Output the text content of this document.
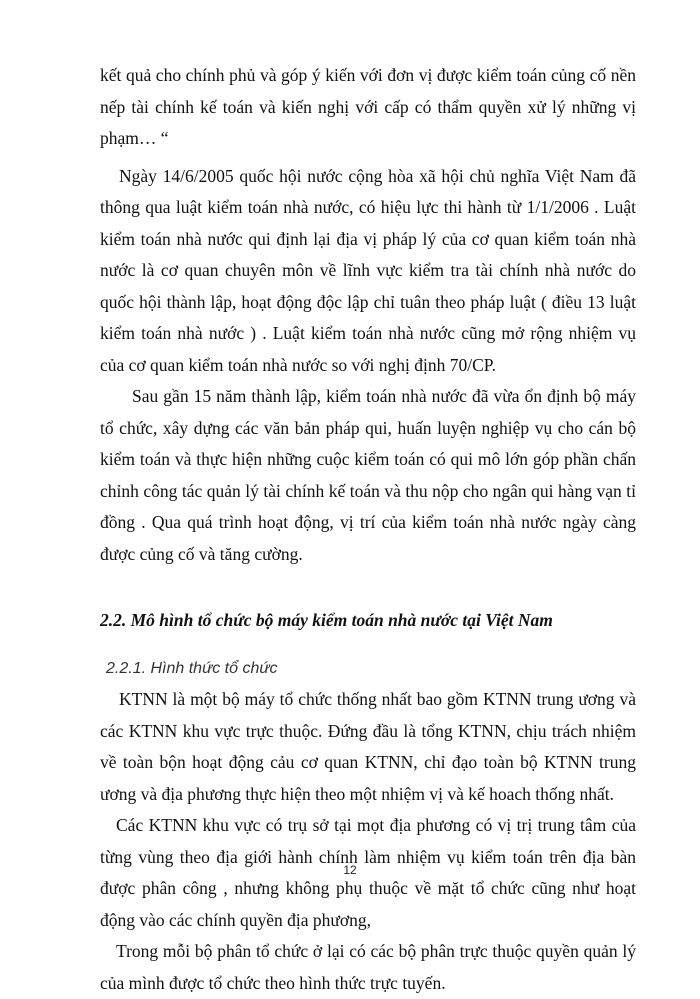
kết quả cho chính phủ và góp ý kiến với đơn vị được kiểm toán củng cố nền nếp tài chính kế toán và kiến nghị với cấp có thẩm quyền xử lý những vị phạm… “

Ngày 14/6/2005 quốc hội nước cộng hòa xã hội chủ nghĩa Việt Nam đã thông qua luật kiểm toán nhà nước, có hiệu lực thi hành từ 1/1/2006 . Luật kiểm toán nhà nước qui định lại địa vị pháp lý của cơ quan kiểm toán nhà nước là cơ quan chuyên môn về lĩnh vực kiểm tra tài chính nhà nước do quốc hội thành lập, hoạt động độc lập chỉ tuân theo pháp luật ( điều 13 luật kiểm toán nhà nước ) . Luật kiểm toán nhà nước cũng mở rộng nhiệm vụ của cơ quan kiểm toán nhà nước so với nghị định 70/CP.

Sau gần 15 năm thành lập, kiểm toán nhà nước đã vừa ổn định bộ máy tổ chức, xây dựng các văn bản pháp qui, huấn luyện nghiệp vụ cho cán bộ kiểm toán và thực hiện những cuộc kiểm toán có qui mô lớn góp phần chấn chỉnh công tác quản lý tài chính kế toán và thu nộp cho ngân qui hàng vạn tỉ đồng . Qua quá trình hoạt động, vị trí của kiểm toán nhà nước ngày càng được củng cố và tăng cường.

2.2. Mô hình tổ chức bộ máy kiểm toán nhà nước tại Việt Nam
2.2.1. Hình thức tổ chức

KTNN là một bộ máy tổ chức thống nhất bao gồm KTNN trung ương và các KTNN khu vực trực thuộc. Đứng đầu là tổng KTNN, chịu trách nhiệm về toàn bộn hoạt động cảu cơ quan KTNN, chỉ đạo toàn bộ KTNN trung ương và địa phương thực hiện theo một nhiệm vị và kế hoach thống nhất.

Các KTNN khu vực có trụ sở tại mọt địa phương có vị trị trung tâm của từng vùng theo địa giới hành chính làm nhiệm vụ kiểm toán trên địa bàn được phân công , nhưng không phụ thuộc về mặt tổ chức cũng như hoạt động vào các chính quyền địa phương,

Trong mỗi bộ phân tổ chức ở lại có các bộ phân trực thuộc quyền quản lý của mình được tổ chức theo hình thức trực tuyến.

12
